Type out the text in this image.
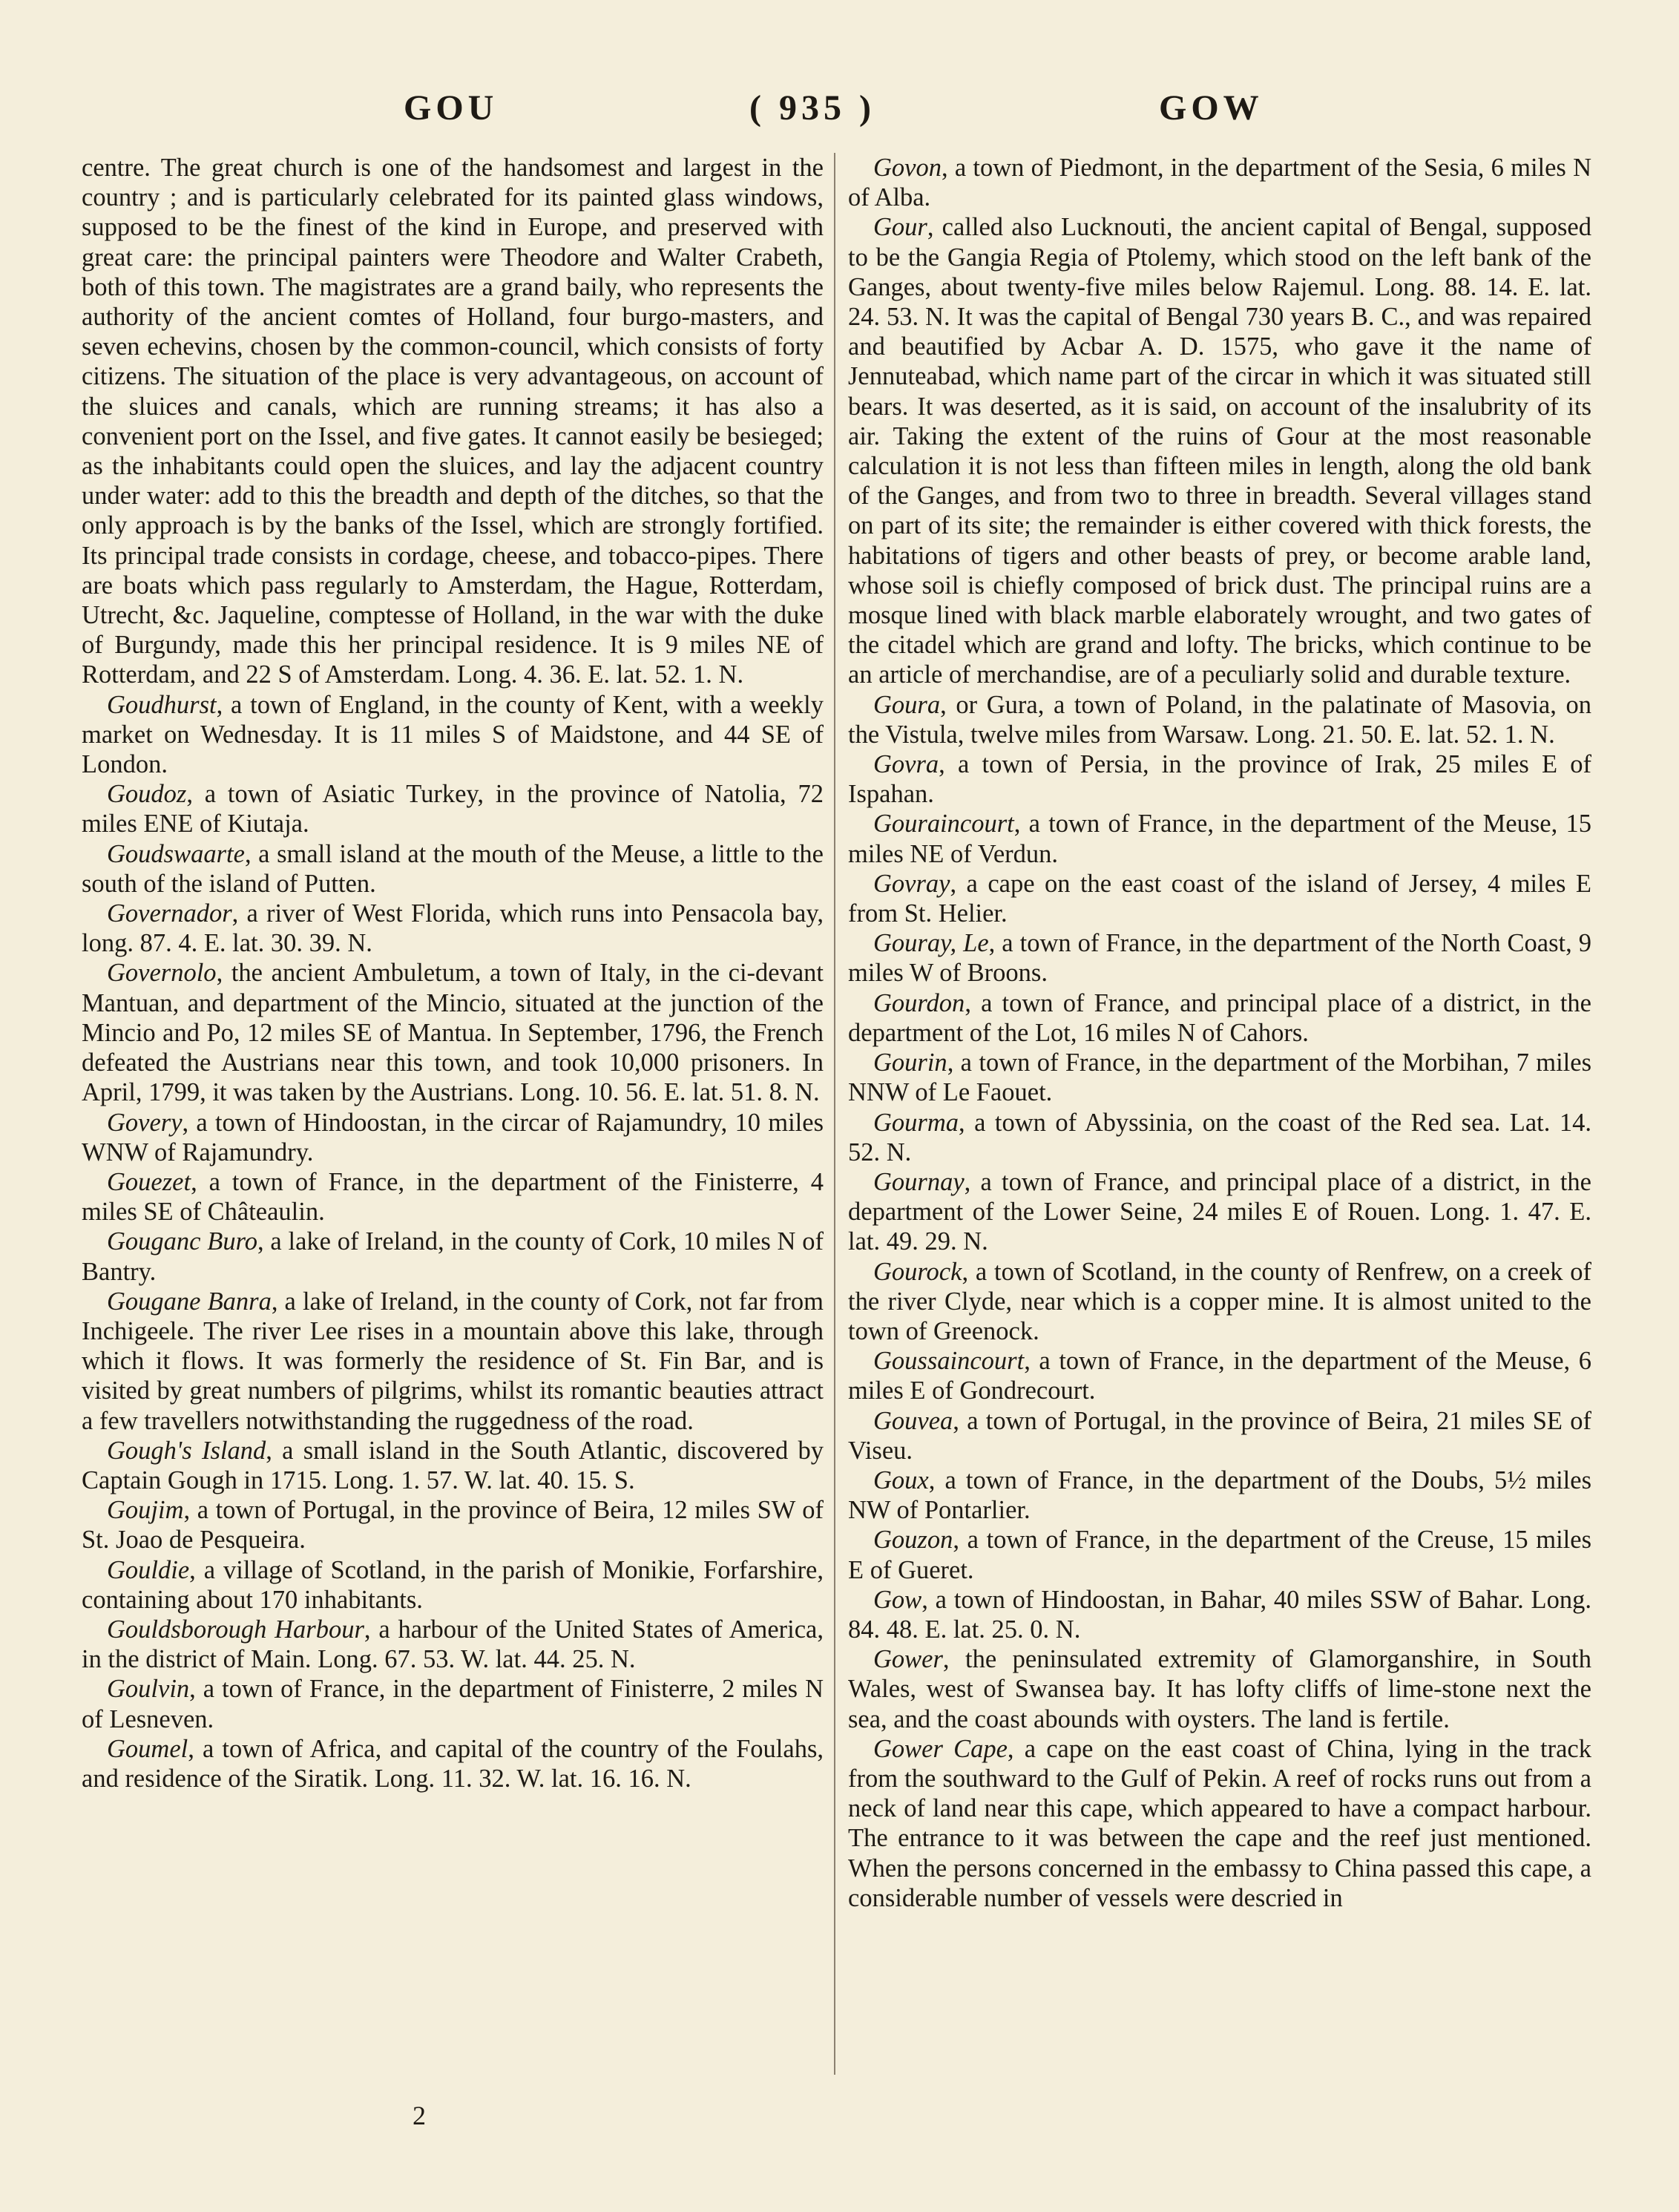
GOU	( 935 )	GOW

centre. The great church is one of the handsomest and largest in the country ; and is particularly celebrated for its painted glass windows, supposed to be the finest of the kind in Europe, and preserved with great care: the principal painters were Theodore and Walter Crabeth, both of this town. The magistrates are a grand baily, who represents the authority of the ancient comtes of Holland, four burgo-masters, and seven echevins, chosen by the common-council, which consists of forty citizens. The situation of the place is very advantageous, on account of the sluices and canals, which are running streams; it has also a convenient port on the Issel, and five gates. It cannot easily be besieged; as the inhabitants could open the sluices, and lay the adjacent country under water: add to this the breadth and depth of the ditches, so that the only approach is by the banks of the Issel, which are strongly fortified. Its principal trade consists in cordage, cheese, and tobacco-pipes. There are boats which pass regularly to Amsterdam, the Hague, Rotterdam, Utrecht, &c. Jaqueline, comptesse of Holland, in the war with the duke of Burgundy, made this her principal residence. It is 9 miles NE of Rotterdam, and 22 S of Amsterdam. Long. 4. 36. E. lat. 52. 1. N.

Goudhurst, a town of England, in the county of Kent, with a weekly market on Wednesday. It is 11 miles S of Maidstone, and 44 SE of London.

Goudoz, a town of Asiatic Turkey, in the province of Natolia, 72 miles ENE of Kiutaja.

Goudswaarte, a small island at the mouth of the Meuse, a little to the south of the island of Putten.

Governador, a river of West Florida, which runs into Pensacola bay, long. 87. 4. E. lat. 30. 39. N.

Governolo, the ancient Ambuletum, a town of Italy, in the ci-devant Mantuan, and department of the Mincio, situated at the junction of the Mincio and Po, 12 miles SE of Mantua. In September, 1796, the French defeated the Austrians near this town, and took 10,000 prisoners. In April, 1799, it was taken by the Austrians. Long. 10. 56. E. lat. 51. 8. N.

Govery, a town of Hindoostan, in the circar of Rajamundry, 10 miles WNW of Rajamundry.

Gouezet, a town of France, in the department of the Finisterre, 4 miles SE of Châteaulin.

Gouganc Buro, a lake of Ireland, in the county of Cork, 10 miles N of Bantry.

Gougane Banra, a lake of Ireland, in the county of Cork, not far from Inchigeele. The river Lee rises in a mountain above this lake, through which it flows. It was formerly the residence of St. Fin Bar, and is visited by great numbers of pilgrims, whilst its romantic beauties attract a few travellers notwithstanding the ruggedness of the road.

Gough's Island, a small island in the South Atlantic, discovered by Captain Gough in 1715. Long. 1. 57. W. lat. 40. 15. S.

Goujim, a town of Portugal, in the province of Beira, 12 miles SW of St. Joao de Pesqueira.

Gouldie, a village of Scotland, in the parish of Monikie, Forfarshire, containing about 170 inhabitants.

Gouldsborough Harbour, a harbour of the United States of America, in the district of Main. Long. 67. 53. W. lat. 44. 25. N.

Goulvin, a town of France, in the department of Finisterre, 2 miles N of Lesneven.

Goumel, a town of Africa, and capital of the country of the Foulahs, and residence of the Siratik. Long. 11. 32. W. lat. 16. 16. N.

Govon, a town of Piedmont, in the department of the Sesia, 6 miles N of Alba.

Gour, called also Lucknouti, the ancient capital of Bengal, supposed to be the Gangia Regia of Ptolemy, which stood on the left bank of the Ganges, about twenty-five miles below Rajemul. Long. 88. 14. E. lat. 24. 53. N. It was the capital of Bengal 730 years B. C., and was repaired and beautified by Acbar A. D. 1575, who gave it the name of Jennuteabad, which name part of the circar in which it was situated still bears. It was deserted, as it is said, on account of the insalubrity of its air. Taking the extent of the ruins of Gour at the most reasonable calculation it is not less than fifteen miles in length, along the old bank of the Ganges, and from two to three in breadth. Several villages stand on part of its site; the remainder is either covered with thick forests, the habitations of tigers and other beasts of prey, or become arable land, whose soil is chiefly composed of brick dust. The principal ruins are a mosque lined with black marble elaborately wrought, and two gates of the citadel which are grand and lofty. The bricks, which continue to be an article of merchandise, are of a peculiarly solid and durable texture.

Goura, or Gura, a town of Poland, in the palatinate of Masovia, on the Vistula, twelve miles from Warsaw. Long. 21. 50. E. lat. 52. 1. N.

Govra, a town of Persia, in the province of Irak, 25 miles E of Ispahan.

Gouraincourt, a town of France, in the department of the Meuse, 15 miles NE of Verdun.

Govray, a cape on the east coast of the island of Jersey, 4 miles E from St. Helier.

Gouray, Le, a town of France, in the department of the North Coast, 9 miles W of Broons.

Gourdon, a town of France, and principal place of a district, in the department of the Lot, 16 miles N of Cahors.

Gourin, a town of France, in the department of the Morbihan, 7 miles NNW of Le Faouet.

Gourma, a town of Abyssinia, on the coast of the Red sea. Lat. 14. 52. N.

Gournay, a town of France, and principal place of a district, in the department of the Lower Seine, 24 miles E of Rouen. Long. 1. 47. E. lat. 49. 29. N.

Gourock, a town of Scotland, in the county of Renfrew, on a creek of the river Clyde, near which is a copper mine. It is almost united to the town of Greenock.

Goussaincourt, a town of France, in the department of the Meuse, 6 miles E of Gondrecourt.

Gouvea, a town of Portugal, in the province of Beira, 21 miles SE of Viseu.

Goux, a town of France, in the department of the Doubs, 5½ miles NW of Pontarlier.

Gouzon, a town of France, in the department of the Creuse, 15 miles E of Gueret.

Gow, a town of Hindoostan, in Bahar, 40 miles SSW of Bahar. Long. 84. 48. E. lat. 25. 0. N.

Gower, the peninsulated extremity of Glamorganshire, in South Wales, west of Swansea bay. It has lofty cliffs of lime-stone next the sea, and the coast abounds with oysters. The land is fertile.

Gower Cape, a cape on the east coast of China, lying in the track from the southward to the Gulf of Pekin. A reef of rocks runs out from a neck of land near this cape, which appeared to have a compact harbour. The entrance to it was between the cape and the reef just mentioned. When the persons concerned in the embassy to China passed this cape, a considerable number of vessels were descried in

2
